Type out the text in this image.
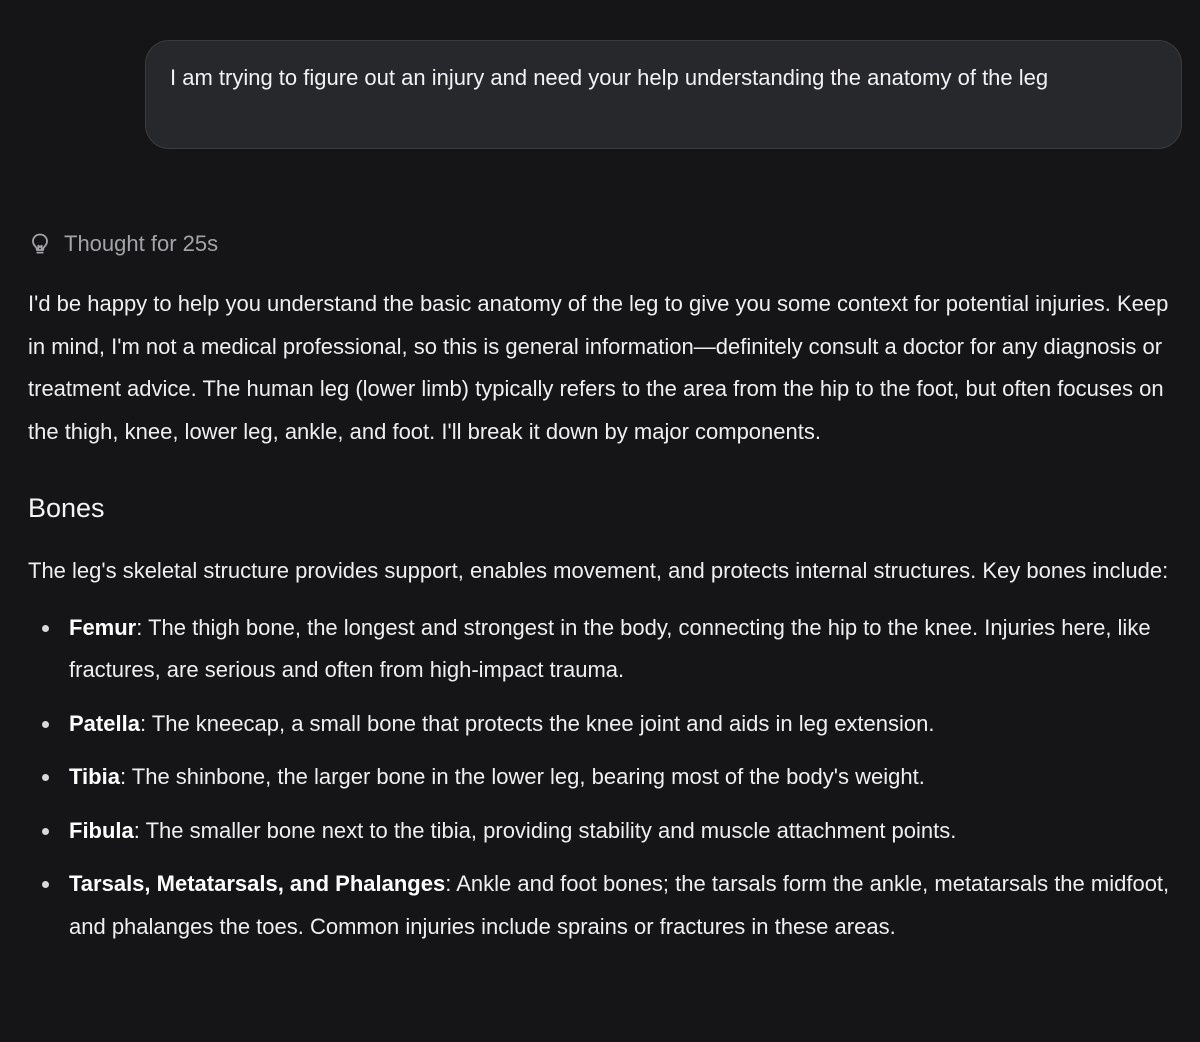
I am trying to figure out an injury and need your help understanding the anatomy of the leg

Thought for 25s

I'd be happy to help you understand the basic anatomy of the leg to give you some context for potential injuries. Keep in mind, I'm not a medical professional, so this is general information—definitely consult a doctor for any diagnosis or treatment advice. The human leg (lower limb) typically refers to the area from the hip to the foot, but often focuses on the thigh, knee, lower leg, ankle, and foot. I'll break it down by major components.

Bones

The leg's skeletal structure provides support, enables movement, and protects internal structures. Key bones include:

Femur: The thigh bone, the longest and strongest in the body, connecting the hip to the knee. Injuries here, like fractures, are serious and often from high-impact trauma.
Patella: The kneecap, a small bone that protects the knee joint and aids in leg extension.
Tibia: The shinbone, the larger bone in the lower leg, bearing most of the body's weight.
Fibula: The smaller bone next to the tibia, providing stability and muscle attachment points.
Tarsals, Metatarsals, and Phalanges: Ankle and foot bones; the tarsals form the ankle, metatarsals the midfoot, and phalanges the toes. Common injuries include sprains or fractures in these areas.
